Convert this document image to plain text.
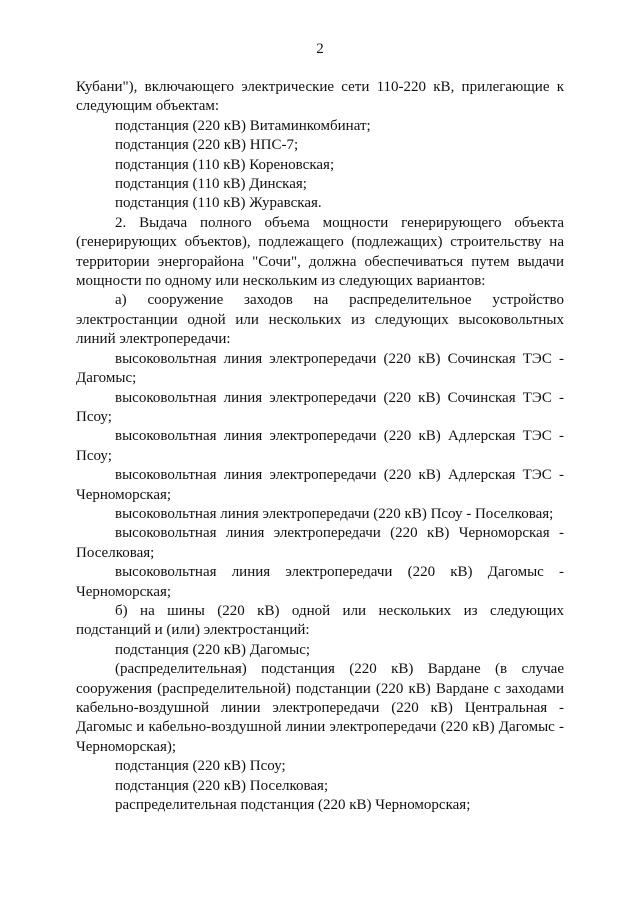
2

Кубани"), включающего электрические сети 110-220 кВ, прилегающие к следующим объектам:

подстанция (220 кВ) Витаминкомбинат;

подстанция (220 кВ) НПС-7;

подстанция (110 кВ) Кореновская;

подстанция (110 кВ) Динская;

подстанция (110 кВ) Журавская.

2. Выдача полного объема мощности генерирующего объекта (генерирующих объектов), подлежащего (подлежащих) строительству на территории энергорайона "Сочи", должна обеспечиваться путем выдачи мощности по одному или нескольким из следующих вариантов:

а) сооружение заходов на распределительное устройство электростанции одной или нескольких из следующих высоковольтных линий электропередачи:

высоковольтная линия электропередачи (220 кВ) Сочинская ТЭС - Дагомыс;

высоковольтная линия электропередачи (220 кВ) Сочинская ТЭС - Псоу;

высоковольтная линия электропередачи (220 кВ) Адлерская ТЭС - Псоу;

высоковольтная линия электропередачи (220 кВ) Адлерская ТЭС - Черноморская;

высоковольтная линия электропередачи (220 кВ) Псоу - Поселковая;

высоковольтная линия электропередачи (220 кВ) Черноморская - Поселковая;

высоковольтная линия электропередачи (220 кВ) Дагомыс - Черноморская;

б) на шины (220 кВ) одной или нескольких из следующих подстанций и (или) электростанций:

подстанция (220 кВ) Дагомыс;

(распределительная) подстанция (220 кВ) Вардане (в случае сооружения (распределительной) подстанции (220 кВ) Вардане с заходами кабельно-воздушной линии электропередачи (220 кВ) Центральная - Дагомыс и кабельно-воздушной линии электропередачи (220 кВ) Дагомыс - Черноморская);

подстанция (220 кВ) Псоу;

подстанция (220 кВ) Поселковая;

распределительная подстанция (220 кВ) Черноморская;
